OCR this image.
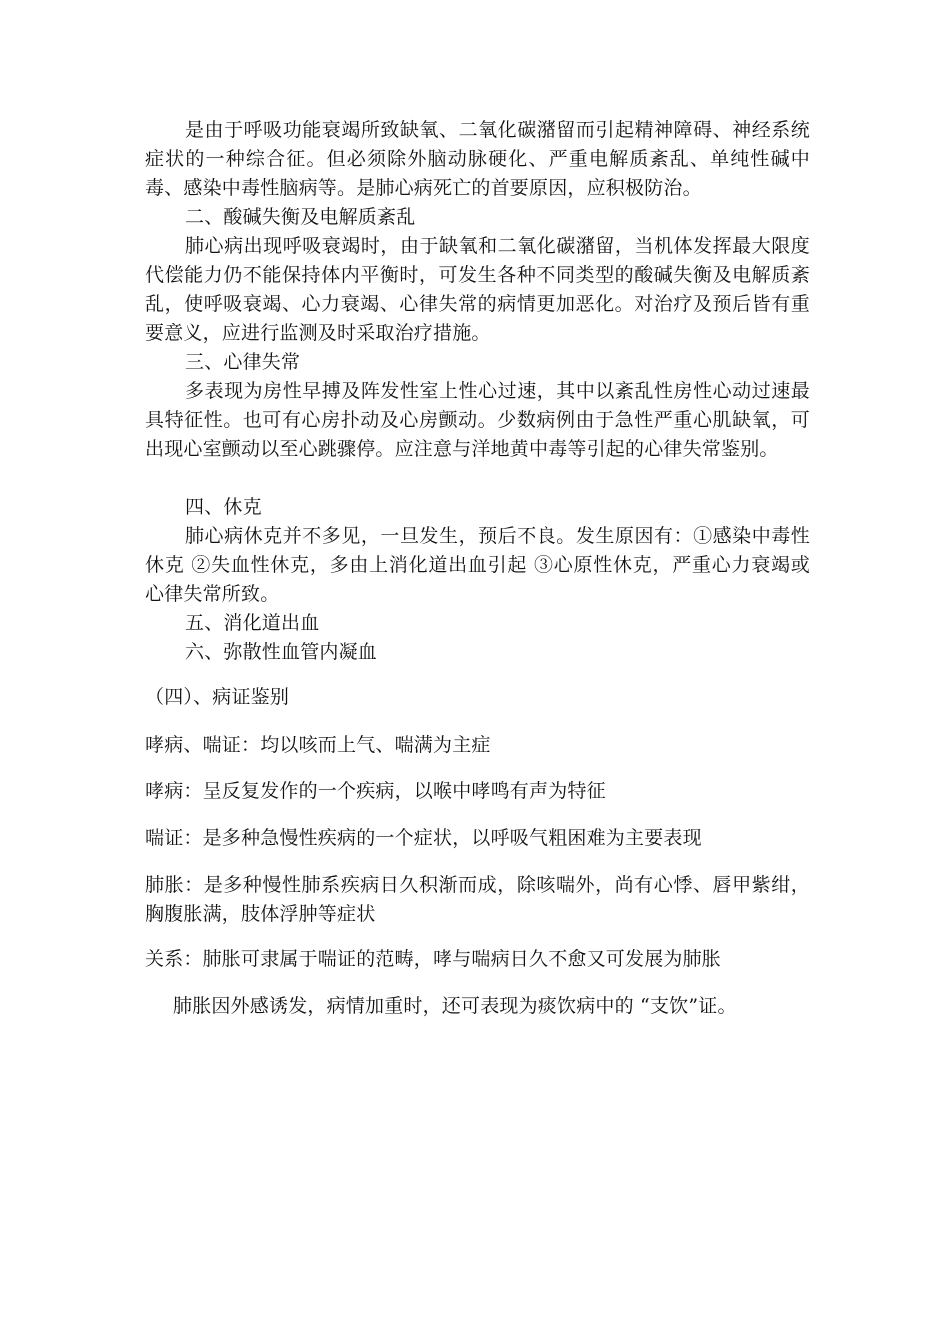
是由于呼吸功能衰竭所致缺氧、二氧化碳潴留而引起精神障碍、神经系统症状的一种综合征。但必须除外脑动脉硬化、严重电解质紊乱、单纯性碱中毒、感染中毒性脑病等。是肺心病死亡的首要原因，应积极防治。

二、酸碱失衡及电解质紊乱

肺心病出现呼吸衰竭时，由于缺氧和二氧化碳潴留，当机体发挥最大限度代偿能力仍不能保持体内平衡时，可发生各种不同类型的酸碱失衡及电解质紊乱，使呼吸衰竭、心力衰竭、心律失常的病情更加恶化。对治疗及预后皆有重要意义，应进行监测及时采取治疗措施。

三、心律失常

多表现为房性早搏及阵发性室上性心过速，其中以紊乱性房性心动过速最具特征性。也可有心房扑动及心房颤动。少数病例由于急性严重心肌缺氧，可出现心室颤动以至心跳骤停。应注意与洋地黄中毒等引起的心律失常鉴别。

四、休克

肺心病休克并不多见，一旦发生，预后不良。发生原因有：①感染中毒性休克 ②失血性休克，多由上消化道出血引起 ③心原性休克，严重心力衰竭或心律失常所致。

五、消化道出血

六、弥散性血管内凝血

（四）、病证鉴别

哮病、喘证：均以咳而上气、喘满为主症

哮病：呈反复发作的一个疾病，以喉中哮鸣有声为特征

喘证：是多种急慢性疾病的一个症状，以呼吸气粗困难为主要表现

肺胀：是多种慢性肺系疾病日久积渐而成，除咳喘外，尚有心悸、唇甲紫绀，胸腹胀满，肢体浮肿等症状

关系：肺胀可隶属于喘证的范畴，哮与喘病日久不愈又可发展为肺胀

肺胀因外感诱发，病情加重时，还可表现为痰饮病中的 “支饮”证。
